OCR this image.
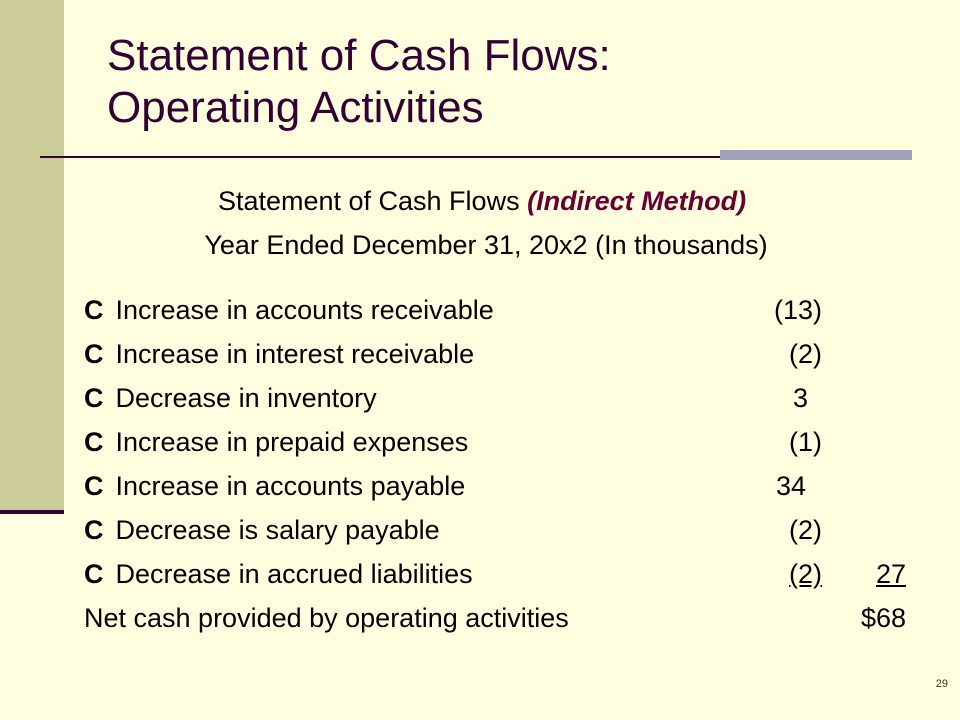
Statement of Cash Flows:
Operating Activities
Statement of Cash Flows (Indirect Method)
Year Ended December 31, 20x2 (In thousands)
C Increase in accounts receivable	(13)
C Increase in interest receivable	(2)
C Decrease in inventory	3
C Increase in prepaid expenses	(1)
C Increase in accounts payable	34
C Decrease is salary payable	(2)
C Decrease in accrued liabilities	(2)	27
Net cash provided by operating activities	$68
29
